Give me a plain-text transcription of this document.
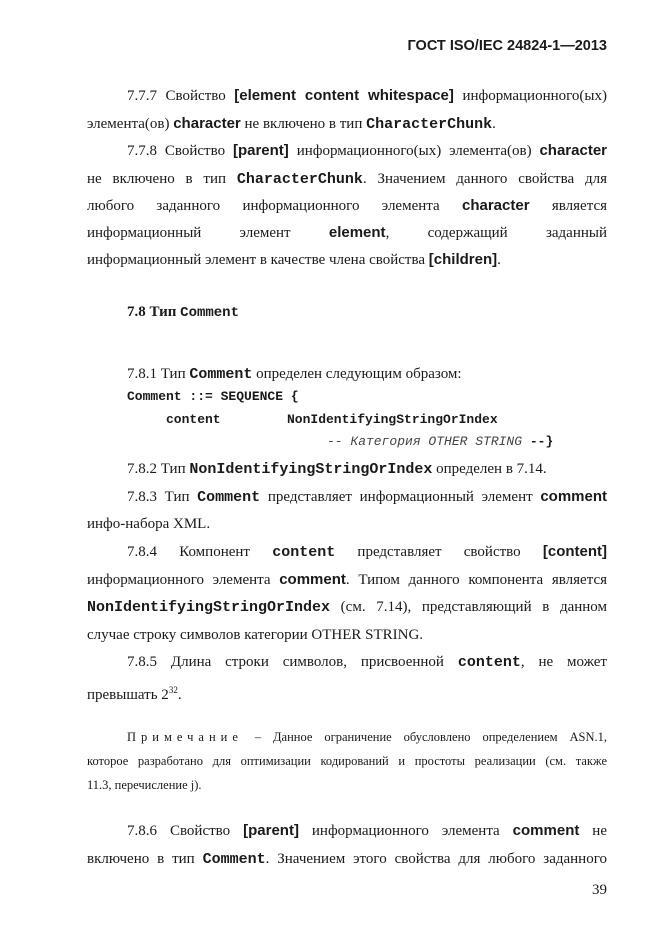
ГОСТ ISO/IEC 24824-1—2013

7.7.7 Свойство [element content whitespace] информационного(ых)

элемента(ов) character не включено в тип CharacterChunk.

7.7.8 Свойство [parent] информационного(ых) элемента(ов) character

не включено в тип CharacterChunk. Значением данного свойства для

любого заданного информационного элемента character является

информационный элемент element, содержащий заданный

информационный элемент в качестве члена свойства [children].

7.8 Тип Comment

7.8.1 Тип Comment определен следующим образом:

Comment ::= SEQUENCE {
content	NonIdentifyingStringOrIndex
-- Категория OTHER STRING --}

7.8.2 Тип NonIdentifyingStringOrIndex определен в 7.14.

7.8.3 Тип Comment представляет информационный элемент comment

инфо-набора XML.

7.8.4 Компонент content представляет свойство [content]

информационного элемента comment. Типом данного компонента является

NonIdentifyingStringOrIndex (см. 7.14), представляющий в данном

случае строку символов категории OTHER STRING.

7.8.5 Длина строки символов, присвоенной content, не может

превышать $2^{32}$.

Примечание – Данное ограничение обусловлено определением ASN.1,
которое разработано для оптимизации кодирований и простоты реализации (см. также
11.3, перечисление j).

7.8.6 Свойство [parent] информационного элемента comment не

включено в тип Comment. Значением этого свойства для любого заданного

39
